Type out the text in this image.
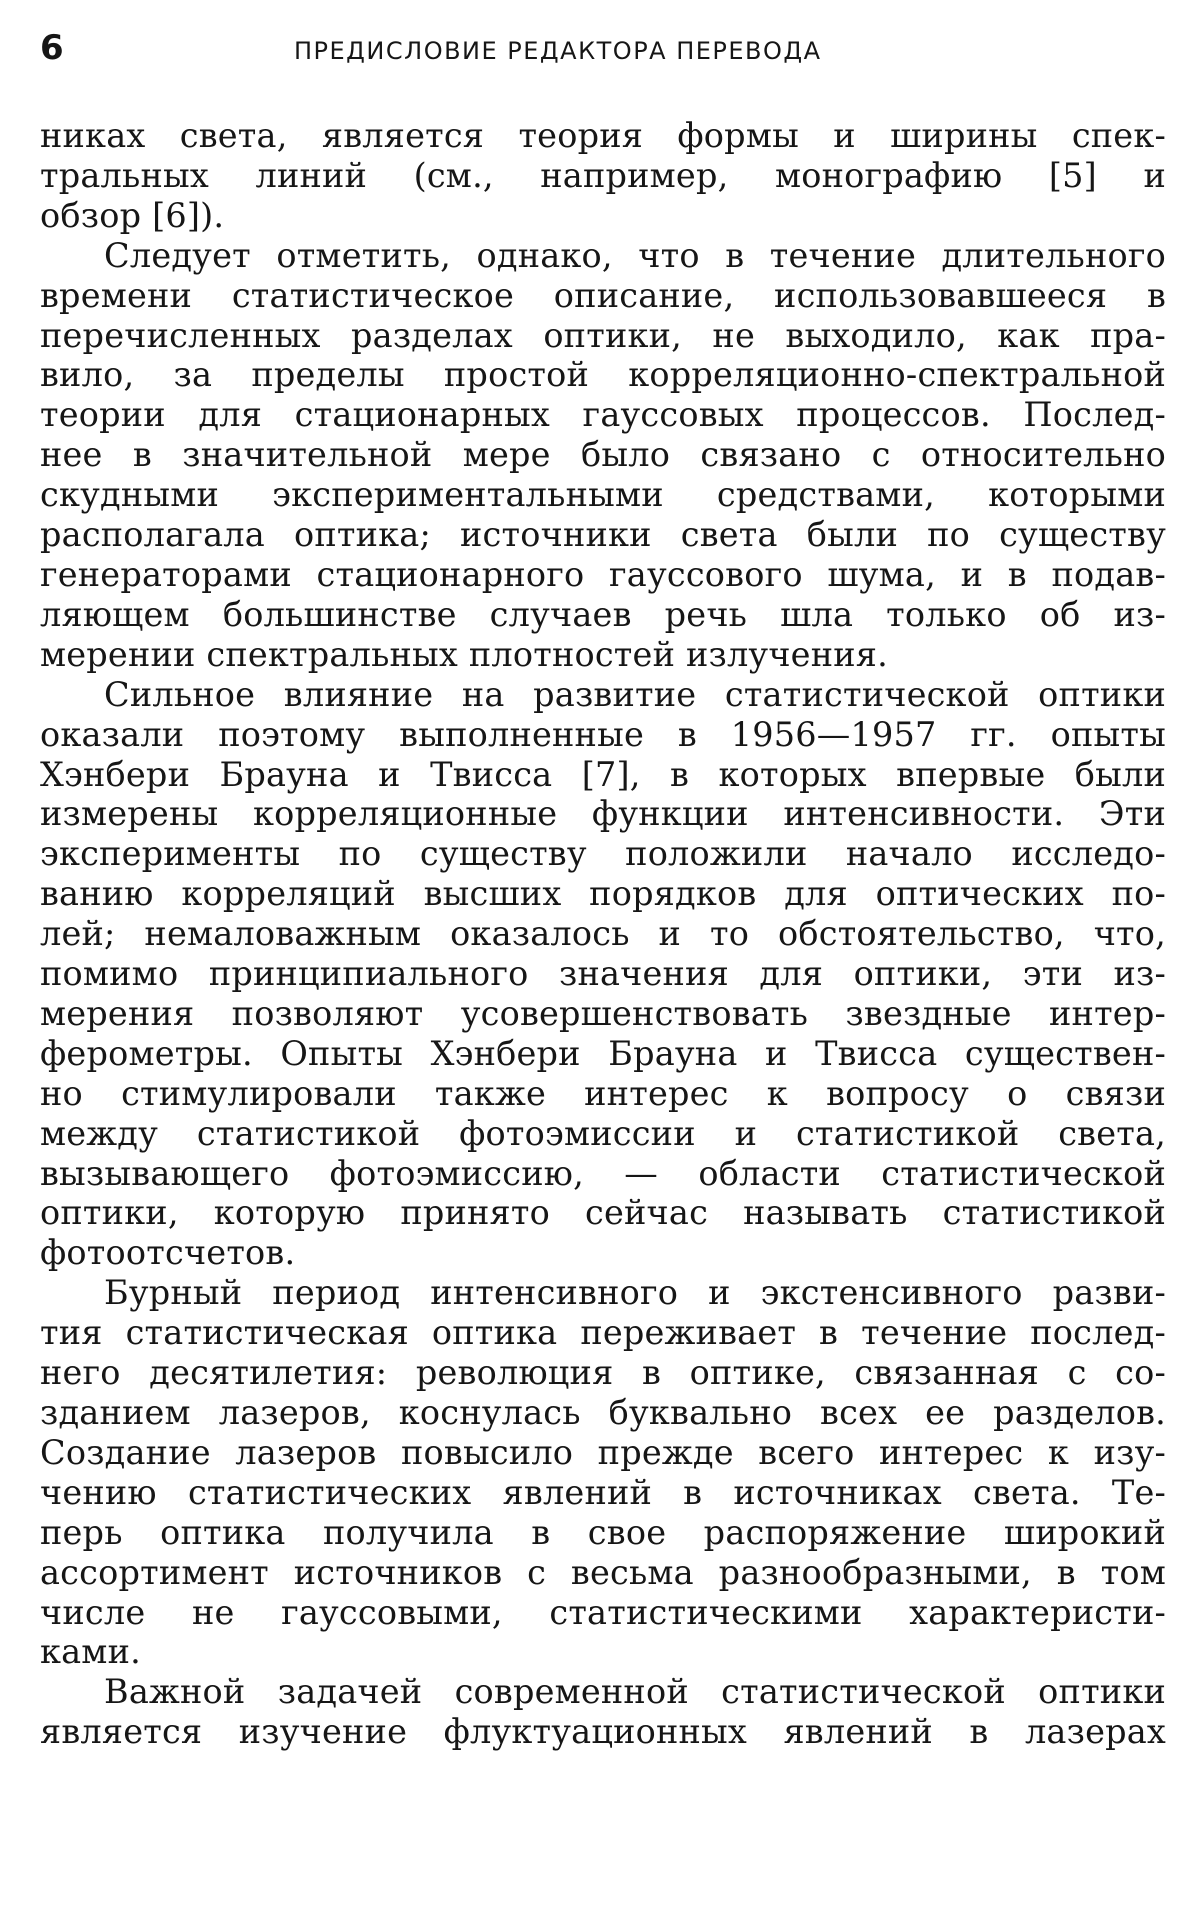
6	ПРЕДИСЛОВИЕ РЕДАКТОРА ПЕРЕВОДА

никах света, является теория формы и ширины спек-
тральных линий (см., например, монографию [5] и
обзор [6]).

Следует отметить, однако, что в течение длительного
времени статистическое описание, использовавшееся в
перечисленных разделах оптики, не выходило, как пра-
вило, за пределы простой корреляционно-спектральной
теории для стационарных гауссовых процессов. Послед-
нее в значительной мере было связано с относительно
скудными экспериментальными средствами, которыми
располагала оптика; источники света были по существу
генераторами стационарного гауссового шума, и в подав-
ляющем большинстве случаев речь шла только об из-
мерении спектральных плотностей излучения.

Сильное влияние на развитие статистической оптики
оказали поэтому выполненные в 1956—1957 гг. опыты
Хэнбери Брауна и Твисса [7], в которых впервые были
измерены корреляционные функции интенсивности. Эти
эксперименты по существу положили начало исследо-
ванию корреляций высших порядков для оптических по-
лей; немаловажным оказалось и то обстоятельство, что,
помимо принципиального значения для оптики, эти из-
мерения позволяют усовершенствовать звездные интер-
ферометры. Опыты Хэнбери Брауна и Твисса существен-
но стимулировали также интерес к вопросу о связи
между статистикой фотоэмиссии и статистикой света,
вызывающего фотоэмиссию, — области статистической
оптики, которую принято сейчас называть статистикой
фотоотсчетов.

Бурный период интенсивного и экстенсивного разви-
тия статистическая оптика переживает в течение послед-
него десятилетия: революция в оптике, связанная с со-
зданием лазеров, коснулась буквально всех ее разделов.
Создание лазеров повысило прежде всего интерес к изу-
чению статистических явлений в источниках света. Те-
перь оптика получила в свое распоряжение широкий
ассортимент источников с весьма разнообразными, в том
числе не гауссовыми, статистическими характеристи-
ками.

Важной задачей современной статистической оптики
является изучение флуктуационных явлений в лазерах
